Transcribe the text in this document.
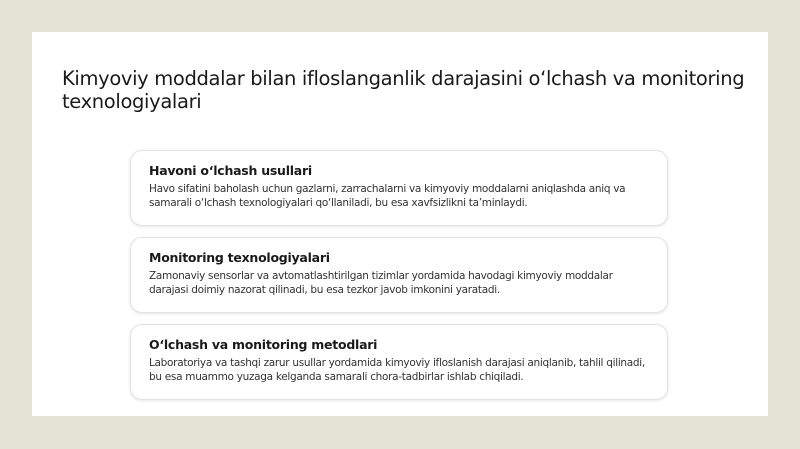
Kimyoviy moddalar bilan ifloslanganlik darajasini o‘lchash va monitoring texnologiyalari
Havoni o‘lchash usullari

Havo sifatini baholash uchun gazlarni, zarrachalarni va kimyoviy moddalarni aniqlashda aniq va samarali o‘lchash texnologiyalari qo‘llaniladi, bu esa xavfsizlikni ta’minlaydi.

Monitoring texnologiyalari

Zamonaviy sensorlar va avtomatlashtirilgan tizimlar yordamida havodagi kimyoviy moddalar darajasi doimiy nazorat qilinadi, bu esa tezkor javob imkonini yaratadi.

O‘lchash va monitoring metodlari

Laboratoriya va tashqi zarur usullar yordamida kimyoviy ifloslanish darajasi aniqlanib, tahlil qilinadi, bu esa muammo yuzaga kelganda samarali chora-tadbirlar ishlab chiqiladi.
